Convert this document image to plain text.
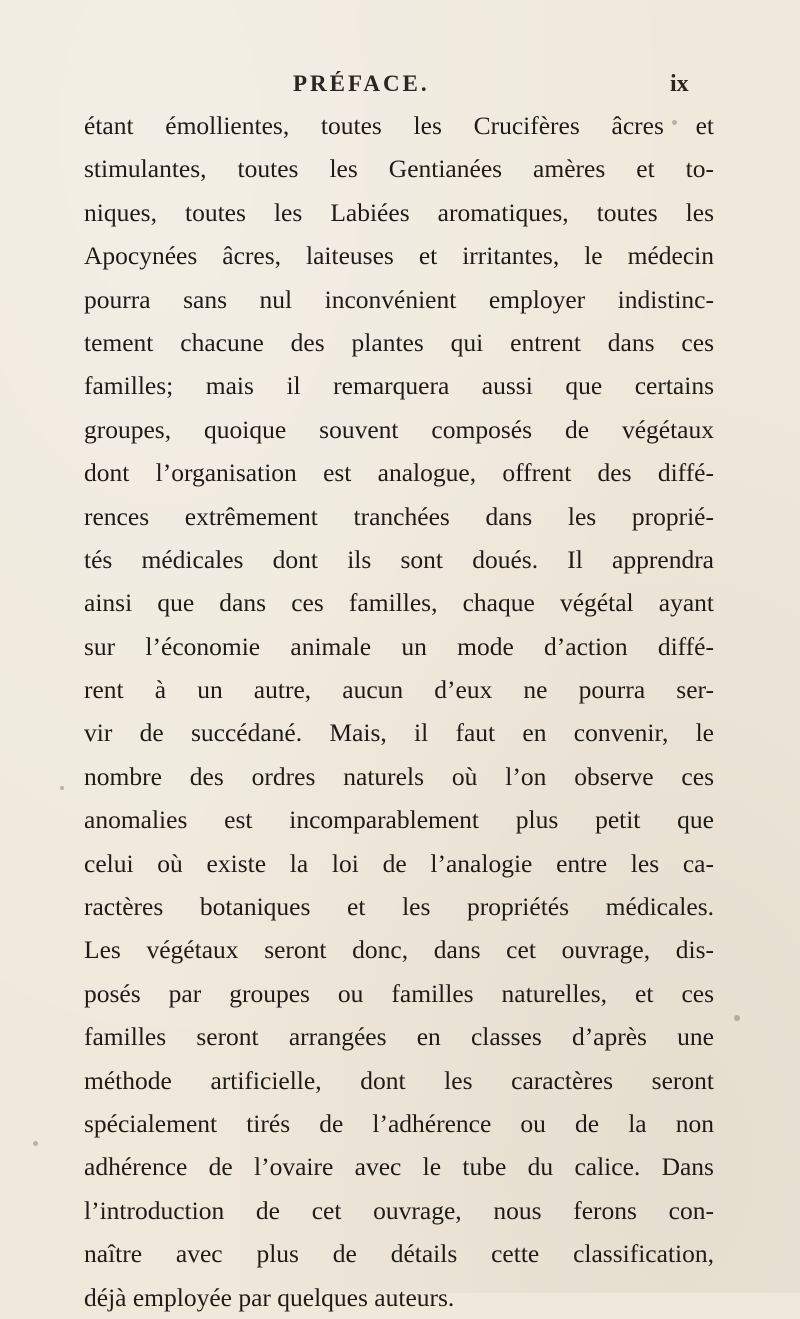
PRÉFACE.	ix
étant émollientes, toutes les Crucifères âcres et
stimulantes, toutes les Gentianées amères et to-
niques, toutes les Labiées aromatiques, toutes les
Apocynées âcres, laiteuses et irritantes, le médecin
pourra sans nul inconvénient employer indistinc-
tement chacune des plantes qui entrent dans ces
familles; mais il remarquera aussi que certains
groupes, quoique souvent composés de végétaux
dont l’organisation est analogue, offrent des diffé-
rences extrêmement tranchées dans les proprié-
tés médicales dont ils sont doués. Il apprendra
ainsi que dans ces familles, chaque végétal ayant
sur l’économie animale un mode d’action diffé-
rent à un autre, aucun d’eux ne pourra ser-
vir de succédané. Mais, il faut en convenir, le
nombre des ordres naturels où l’on observe ces
anomalies est incomparablement plus petit que
celui où existe la loi de l’analogie entre les ca-
ractères botaniques et les propriétés médicales.
Les végétaux seront donc, dans cet ouvrage, dis-
posés par groupes ou familles naturelles, et ces
familles seront arrangées en classes d’après une
méthode artificielle, dont les caractères seront
spécialement tirés de l’adhérence ou de la non
adhérence de l’ovaire avec le tube du calice. Dans
l’introduction de cet ouvrage, nous ferons con-
naître avec plus de détails cette classification,
déjà employée par quelques auteurs.
